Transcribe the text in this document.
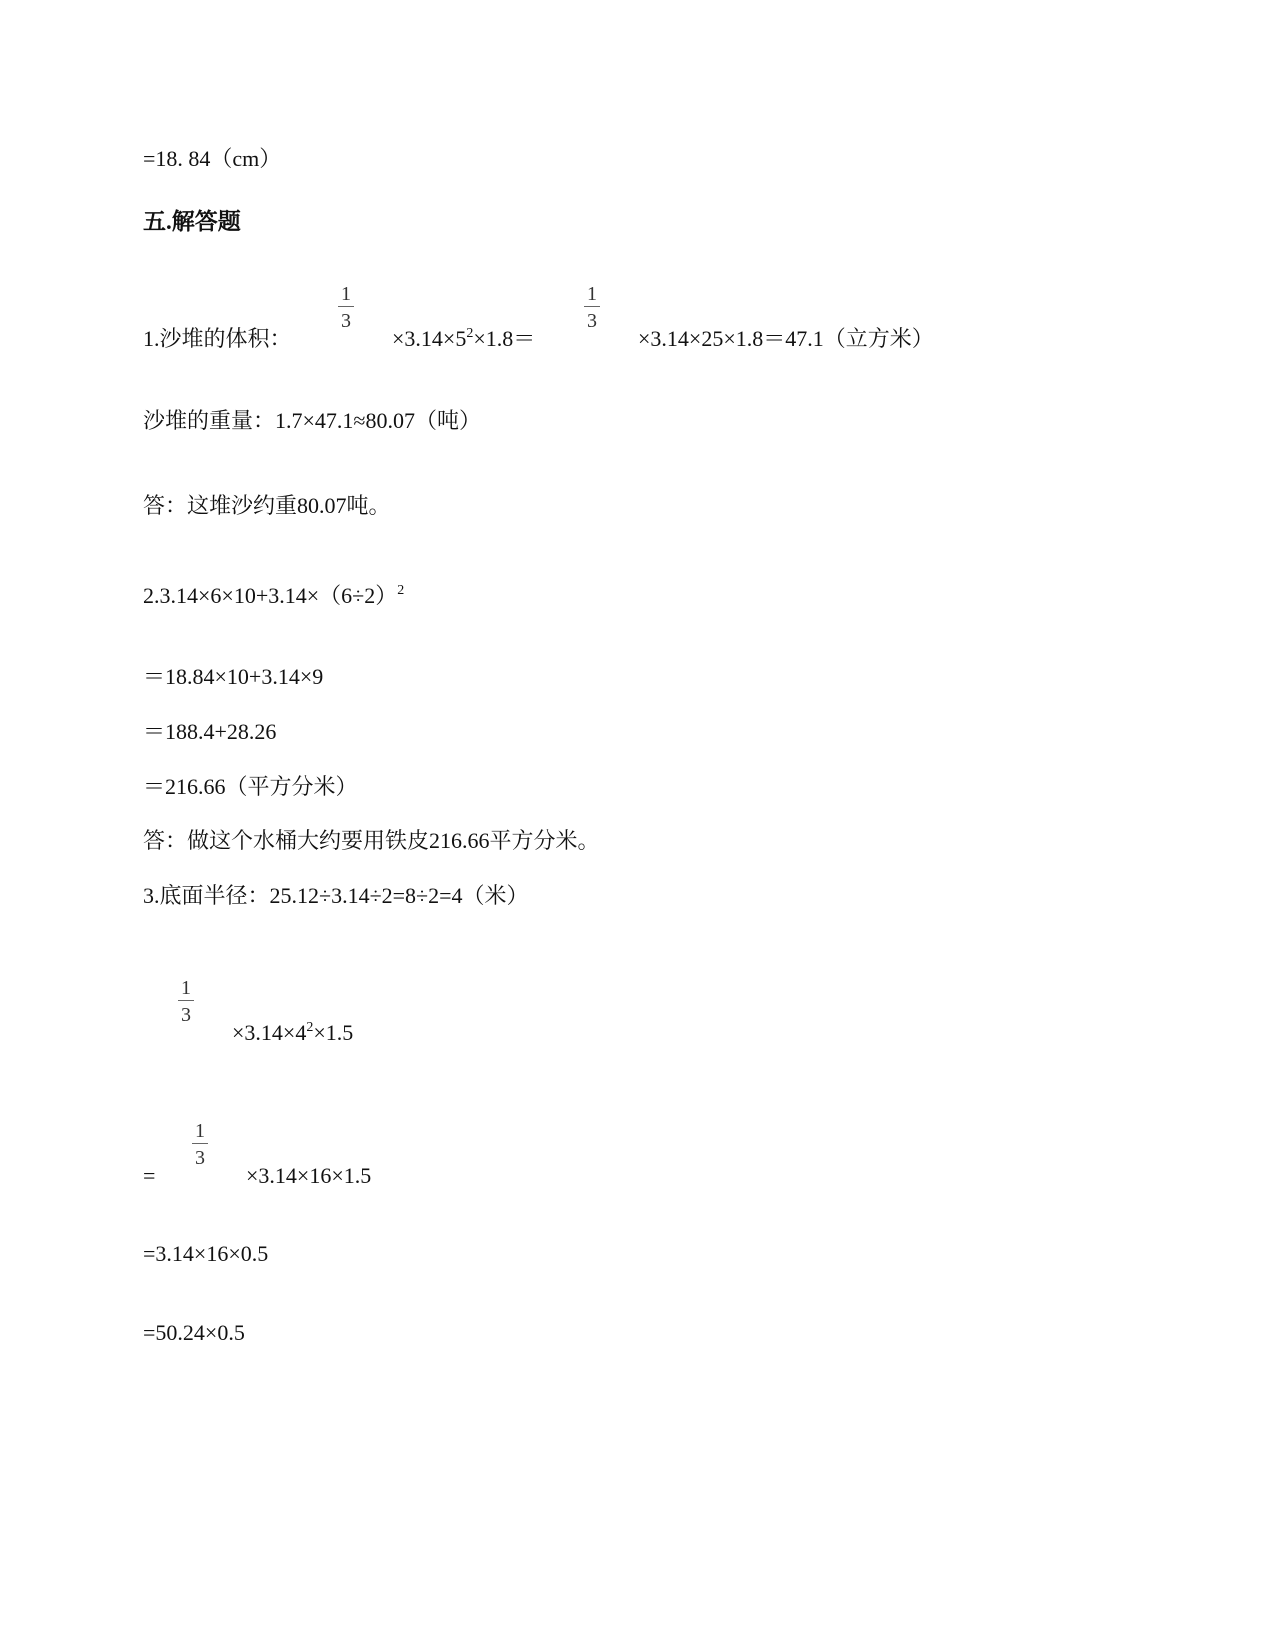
=18. 84（cm）
五.解答题
1.沙堆的体积：
1
3
$\times 3.14\times 5^2\times 1.8=$
1
3
×3.14×25×1.8＝47.1（立方米）
沙堆的重量：1.7×47.1≈80.07（吨）
答：这堆沙约重80.07吨。
$2.3.14\times 6\times 10+3.14\times(6\div 2)^2$
＝18.84×10+3.14×9
＝188.4+28.26
＝216.66（平方分米）
答：做这个水桶大约要用铁皮216.66平方分米。
3.底面半径：25.12÷3.14÷2=8÷2=4（米）
1
3
$\times 3.14\times 4^2\times 1.5$
=
1
3
×3.14×16×1.5
=3.14×16×0.5
=50.24×0.5
